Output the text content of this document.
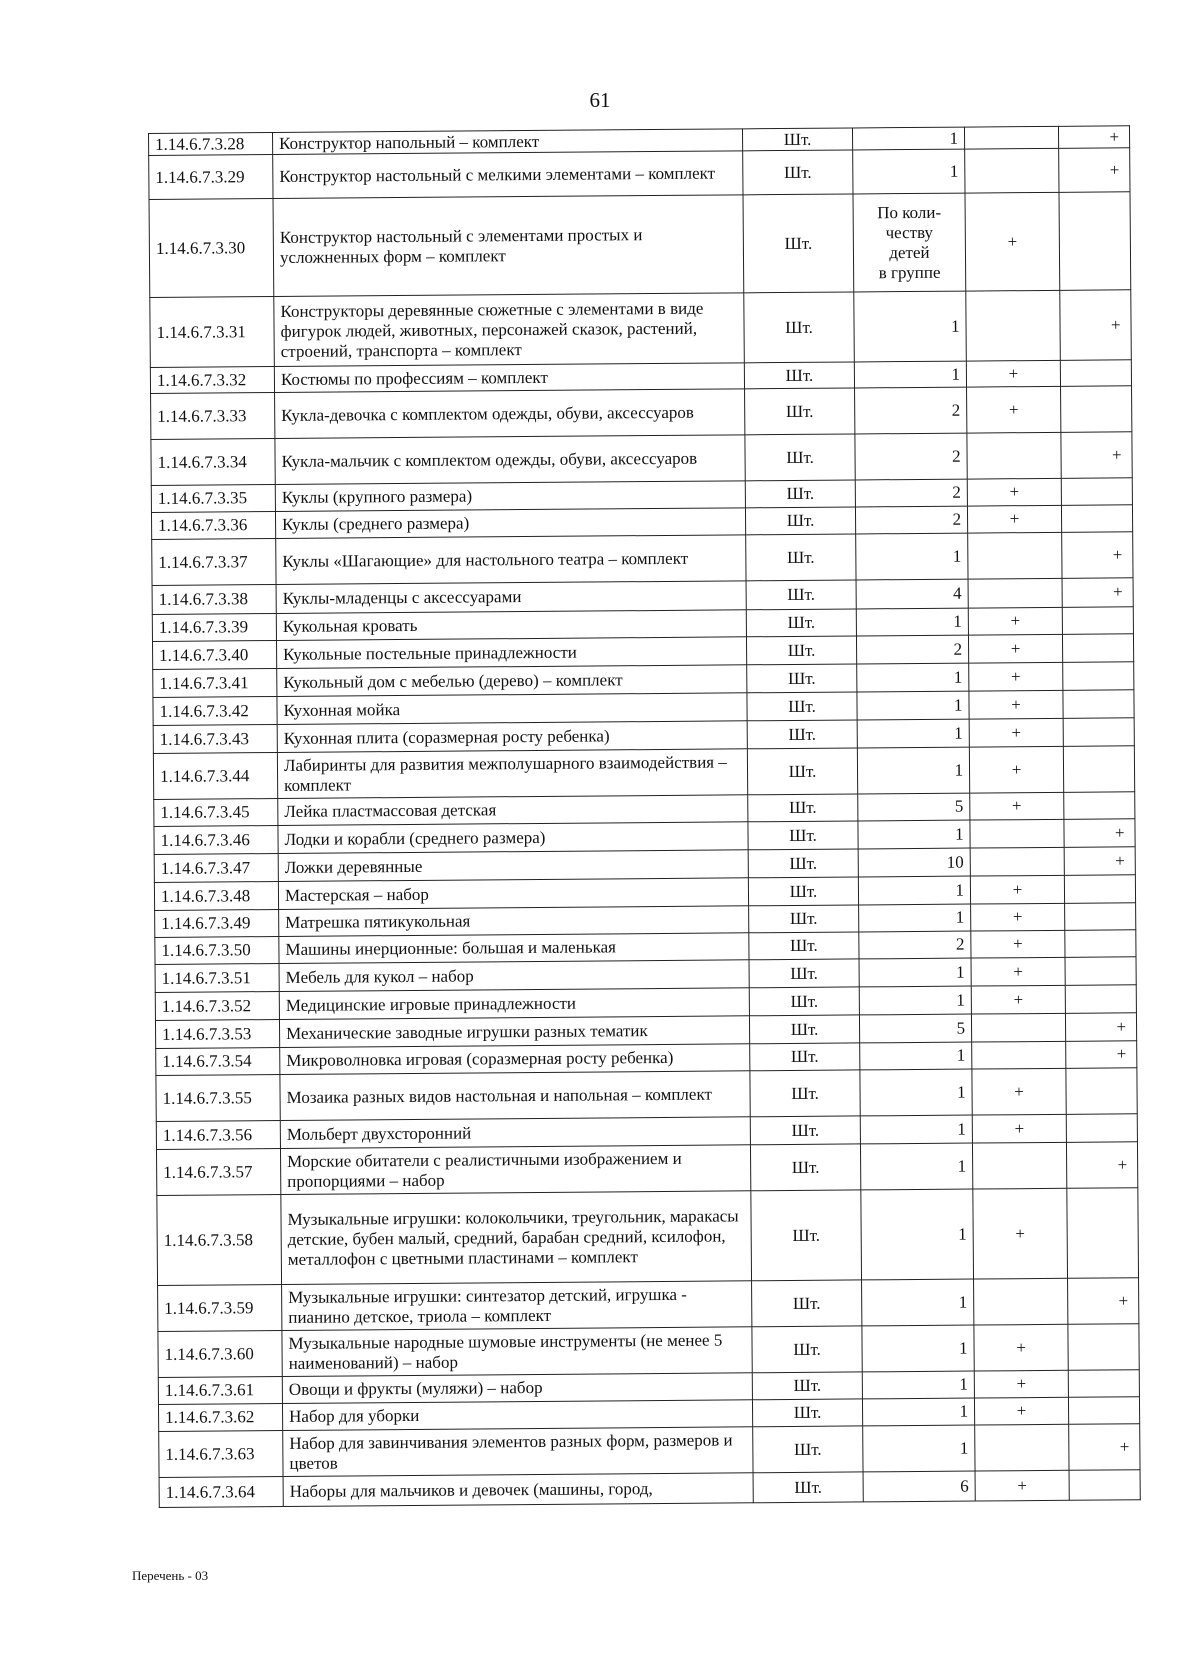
61
1.14.6.7.3.28	Конструктор напольный – комплект	Шт.	1		+
1.14.6.7.3.29	Конструктор настольный с мелкими элементами – комплект	Шт.	1		+
1.14.6.7.3.30	Конструктор настольный с элементами простых и усложненных форм – комплект	Шт.	По коли-
честву
детей
в группе	+	
1.14.6.7.3.31	Конструкторы деревянные сюжетные с элементами в виде фигурок людей, животных, персонажей сказок, растений, строений, транспорта – комплект	Шт.	1		+
1.14.6.7.3.32	Костюмы по профессиям – комплект	Шт.	1	+	
1.14.6.7.3.33	Кукла-девочка с комплектом одежды, обуви, аксессуаров	Шт.	2	+	
1.14.6.7.3.34	Кукла-мальчик с комплектом одежды, обуви, аксессуаров	Шт.	2		+
1.14.6.7.3.35	Куклы (крупного размера)	Шт.	2	+	
1.14.6.7.3.36	Куклы (среднего размера)	Шт.	2	+	
1.14.6.7.3.37	Куклы «Шагающие» для настольного театра – комплект	Шт.	1		+
1.14.6.7.3.38	Куклы-младенцы с аксессуарами	Шт.	4		+
1.14.6.7.3.39	Кукольная кровать	Шт.	1	+	
1.14.6.7.3.40	Кукольные постельные принадлежности	Шт.	2	+	
1.14.6.7.3.41	Кукольный дом с мебелью (дерево) – комплект	Шт.	1	+	
1.14.6.7.3.42	Кухонная мойка	Шт.	1	+	
1.14.6.7.3.43	Кухонная плита (соразмерная росту ребенка)	Шт.	1	+	
1.14.6.7.3.44	Лабиринты для развития межполушарного взаимодействия – комплект	Шт.	1	+	
1.14.6.7.3.45	Лейка пластмассовая детская	Шт.	5	+	
1.14.6.7.3.46	Лодки и корабли (среднего размера)	Шт.	1		+
1.14.6.7.3.47	Ложки деревянные	Шт.	10		+
1.14.6.7.3.48	Мастерская – набор	Шт.	1	+	
1.14.6.7.3.49	Матрешка пятикукольная	Шт.	1	+	
1.14.6.7.3.50	Машины инерционные: большая и маленькая	Шт.	2	+	
1.14.6.7.3.51	Мебель для кукол – набор	Шт.	1	+	
1.14.6.7.3.52	Медицинские игровые принадлежности	Шт.	1	+	
1.14.6.7.3.53	Механические заводные игрушки разных тематик	Шт.	5		+
1.14.6.7.3.54	Микроволновка игровая (соразмерная росту ребенка)	Шт.	1		+
1.14.6.7.3.55	Мозаика разных видов настольная и напольная – комплект	Шт.	1	+	
1.14.6.7.3.56	Мольберт двухсторонний	Шт.	1	+	
1.14.6.7.3.57	Морские обитатели с реалистичными изображением и пропорциями – набор	Шт.	1		+
1.14.6.7.3.58	Музыкальные игрушки: колокольчики, треугольник, маракасы детские, бубен малый, средний, барабан средний, ксилофон, металлофон с цветными пластинами – комплект	Шт.	1	+	
1.14.6.7.3.59	Музыкальные игрушки: синтезатор детский, игрушка - пианино детское, триола – комплект	Шт.	1		+
1.14.6.7.3.60	Музыкальные народные шумовые инструменты (не менее 5 наименований) – набор	Шт.	1	+	
1.14.6.7.3.61	Овощи и фрукты (муляжи) – набор	Шт.	1	+	
1.14.6.7.3.62	Набор для уборки	Шт.	1	+	
1.14.6.7.3.63	Набор для завинчивания элементов разных форм, размеров и цветов	Шт.	1		+
1.14.6.7.3.64	Наборы для мальчиков и девочек (машины, город,	Шт.	6	+	
Перечень - 03
